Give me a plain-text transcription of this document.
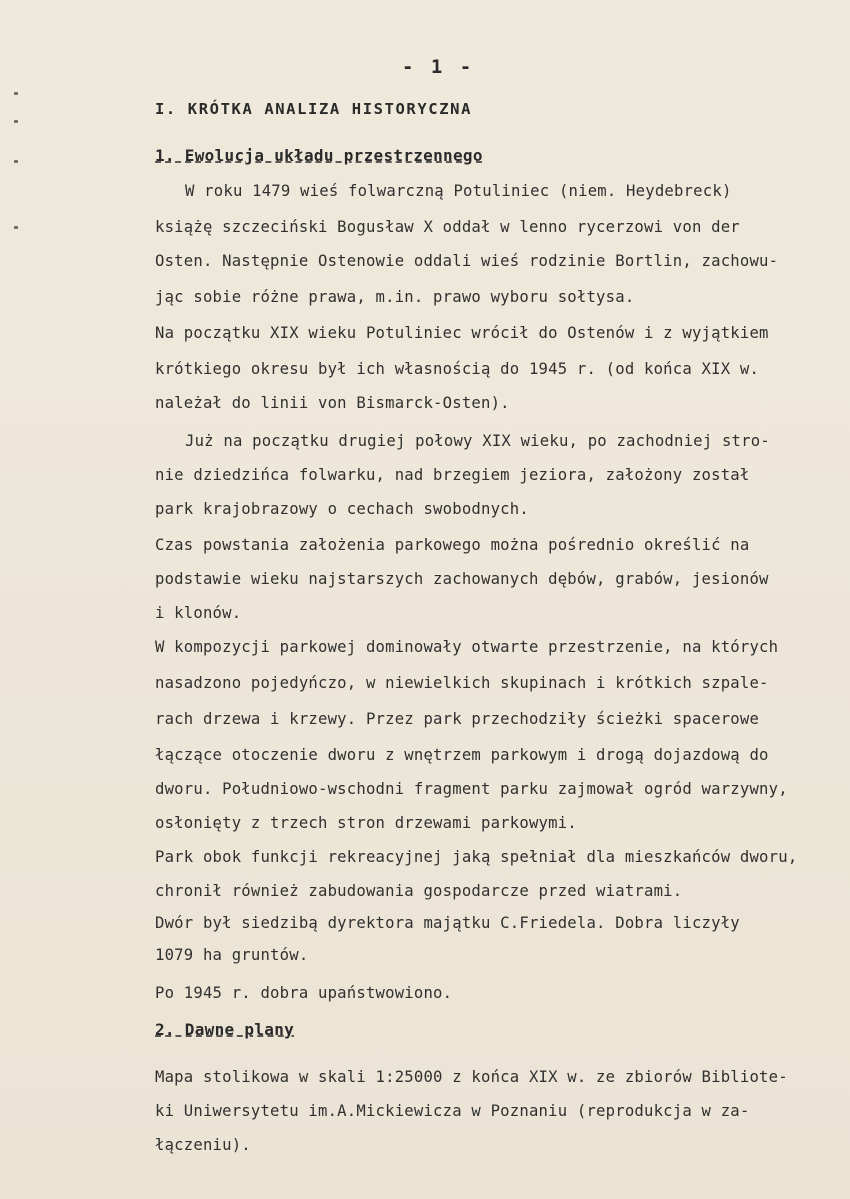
- 1 -
I. KRÓTKA ANALIZA HISTORYCZNA
1. Ewolucja układu przestrzennego
W roku 1479 wieś folwarczną Potuliniec (niem. Heydebreck)
książę szczeciński Bogusław X oddał w lenno rycerzowi von der
Osten. Następnie Ostenowie oddali wieś rodzinie Bortlin, zachowu-
jąc sobie różne prawa, m.in. prawo wyboru sołtysa.
Na początku XIX wieku Potuliniec wrócił do Ostenów i z wyjątkiem
krótkiego okresu był ich własnością do 1945 r. (od końca XIX w.
należał do linii von Bismarck-Osten).
Już na początku drugiej połowy XIX wieku, po zachodniej stro-
nie dziedzińca folwarku, nad brzegiem jeziora, założony został
park krajobrazowy o cechach swobodnych.
Czas powstania założenia parkowego można pośrednio określić na
podstawie wieku najstarszych zachowanych dębów, grabów, jesionów
i klonów.
W kompozycji parkowej dominowały otwarte przestrzenie, na których
nasadzono pojedyńczo, w niewielkich skupinach i krótkich szpale-
rach drzewa i krzewy. Przez park przechodziły ścieżki spacerowe
łączące otoczenie dworu z wnętrzem parkowym i drogą dojazdową do
dworu. Południowo-wschodni fragment parku zajmował ogród warzywny,
osłonięty z trzech stron drzewami parkowymi.
Park obok funkcji rekreacyjnej jaką spełniał dla mieszkańców dworu,
chronił również zabudowania gospodarcze przed wiatrami.
Dwór był siedzibą dyrektora majątku C.Friedela. Dobra liczyły
1079 ha gruntów.
Po 1945 r. dobra upaństwowiono.
2. Dawne plany
Mapa stolikowa w skali 1:25000 z końca XIX w. ze zbiorów Bibliote-
ki Uniwersytetu im.A.Mickiewicza w Poznaniu (reprodukcja w za-
łączeniu).
